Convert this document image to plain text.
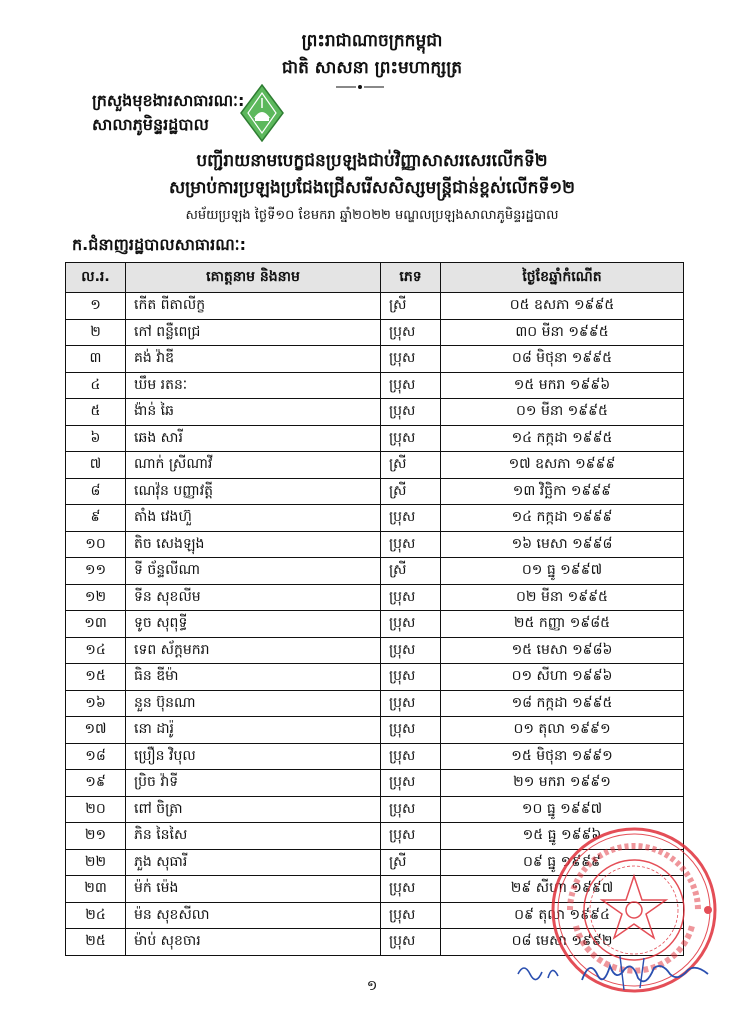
ព្រះរាជាណាចក្រកម្ពុជា
ជាតិ សាសនា ព្រះមហាក្សត្រ
ក្រសួងមុខងារសាធារណៈ:
សាលាភូមិន្ទរដ្ឋបាល
បញ្ជីរាយនាមបេក្ខជនប្រឡងជាប់វិញ្ញាសាសរសេរលើកទី២
សម្រាប់ការប្រឡងប្រជែងជ្រើសរើសសិស្សមន្ត្រីជាន់ខ្ពស់លើកទី១២
សម័យប្រឡង ថ្ងៃទី១០ ខែមករា ឆ្នាំ២០២២ មណ្ឌលប្រឡងសាលាភូមិន្ទរដ្ឋបាល
ក.ជំនាញរដ្ឋបាលសាធារណៈ:
ល.រ.	គោត្តនាម និងនាម	ភេទ	ថ្ងៃខែឆ្នាំកំណើត
១	កើត ពីតាលីក្ខ	ស្រី	០៥ ឧសភា ១៩៩៥
២	កៅ ពន្លឺពេជ្រ	ប្រុស	៣០ មីនា ១៩៩៥
៣	គង់ វ៉ាឌី	ប្រុស	០៨ មិថុនា ១៩៩៥
៤	ឃឹម រតនៈ	ប្រុស	១៥ មករា ១៩៩៦
៥	ង៉ាន់ ឆៃ	ប្រុស	០១ មីនា ១៩៩៥
៦	ឆេង សារី	ប្រុស	១៤ កក្កដា ១៩៩៥
៧	ណាក់ ស្រីណាវី	ស្រី	១៧ ឧសភា ១៩៩៩
៨	ណេវ៉ុន បញ្ញាវត្តី	ស្រី	១៣ វិច្ឆិកា ១៩៩៩
៩	តាំង វេងហ៊ួ	ប្រុស	១៤ កក្កដា ១៩៩៩
១០	តិច សេងឡុង	ប្រុស	១៦ មេសា ១៩៩៨
១១	ទី ច័ន្ទលីណា	ស្រី	០១ ធ្នូ ១៩៩៧
១២	ទីន សុខលីម	ប្រុស	០២ មីនា ១៩៩៥
១៣	ទូច សុពុទ្ធី	ប្រុស	២៥ កញ្ញា ១៩៨៥
១៤	ទេព ស័ក្តមករា	ប្រុស	១៥ មេសា ១៩៨៦
១៥	ធិន ឌីម៉ា	ប្រុស	០១ សីហា ១៩៩៦
១៦	នួន ប៊ុនណា	ប្រុស	១៨ កក្កដា ១៩៩៥
១៧	នោ ដារ៉ូ	ប្រុស	០១ តុលា ១៩៩១
១៨	ប្រឿន វិបុល	ប្រុស	១៥ មិថុនា ១៩៩១
១៩	ប្រិច វ៉ាទី	ប្រុស	២១ មករា ១៩៩១
២០	ពៅ ចិត្រា	ប្រុស	១០ ធ្នូ ១៩៩៧
២១	ភិន នៃសៃ	ប្រុស	១៥ ធ្នូ ១៩៩៦
២២	ភួង សុធារី	ស្រី	០៩ ធ្នូ ១៩៩៩
២៣	ម៉ក់ ម៉េង	ប្រុស	២៩ សីហា ១៩៩៧
២៤	ម៉ន សុខសីលា	ប្រុស	០៩ តុលា ១៩៩៤
២៥	ម៉ាប់ សុខចារ	ប្រុស	០៨ មេសា ១៩៩២
១
